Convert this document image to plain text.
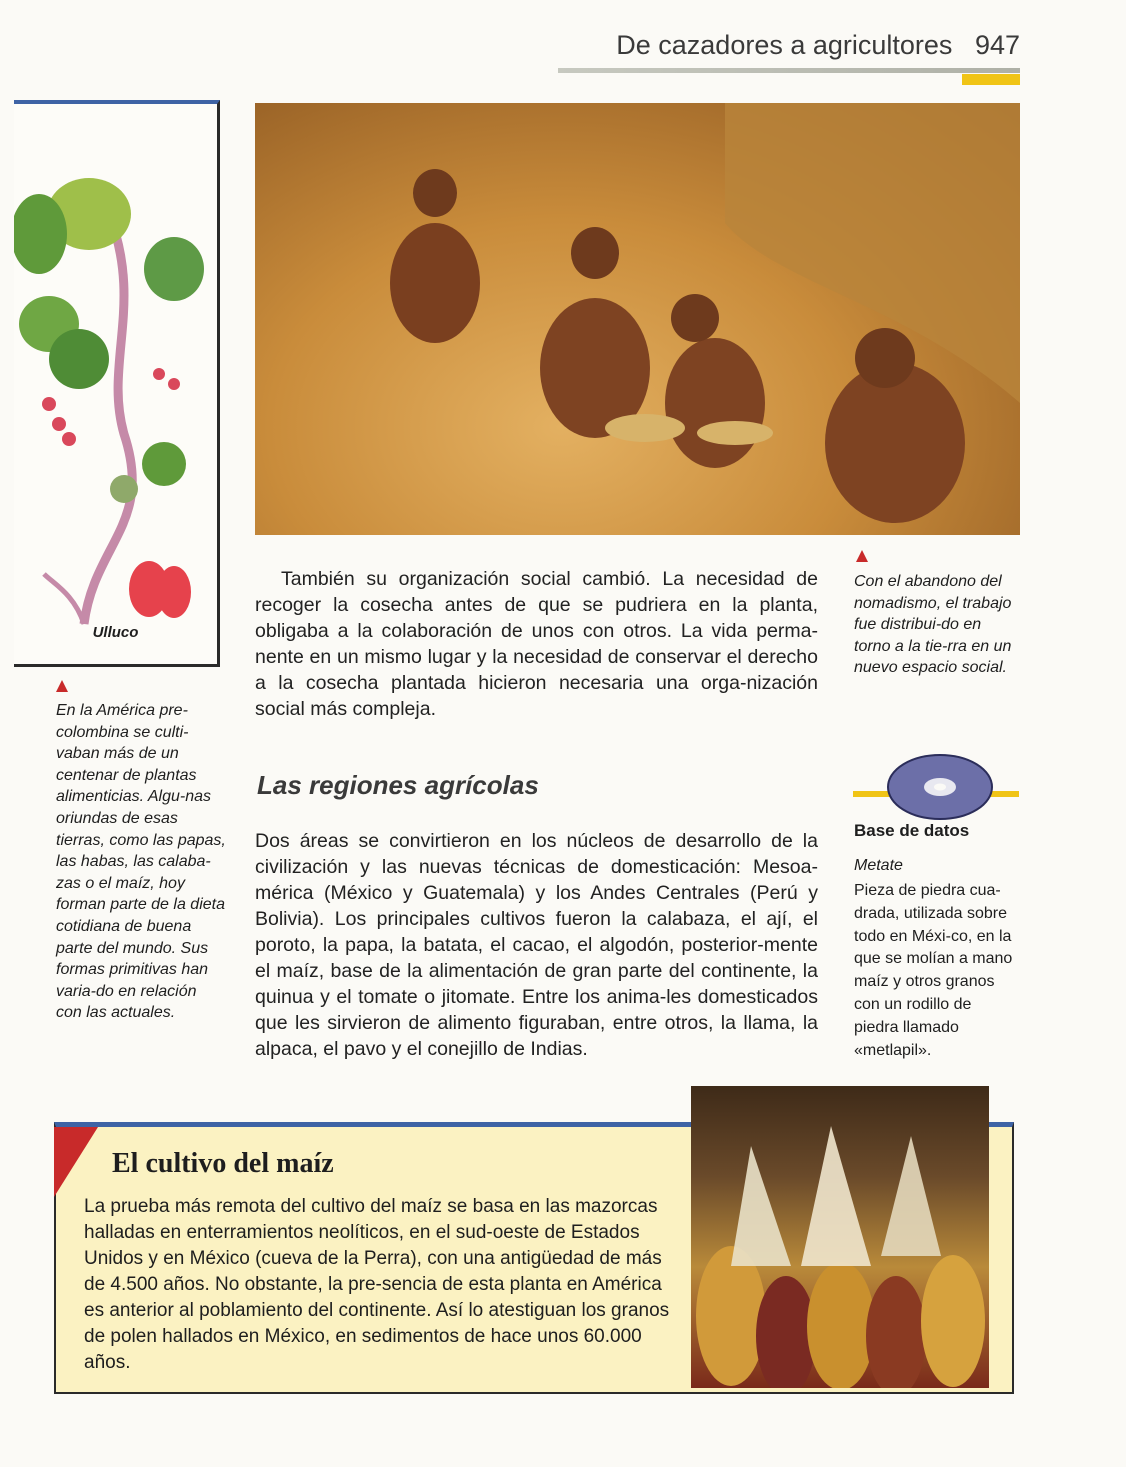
De cazadores a agricultores 947
Ulluco
En la América pre-colombina se culti-vaban más de un centenar de plantas alimenticias. Algu-nas oriundas de esas tierras, como las papas, las habas, las calaba-zas o el maíz, hoy forman parte de la dieta cotidiana de buena parte del mundo. Sus formas primitivas han varia-do en relación con las actuales.
Con el abandono del nomadismo, el trabajo fue distribui-do en torno a la tie-rra en un nuevo espacio social.
También su organización social cambió. La necesidad de recoger la cosecha antes de que se pudriera en la planta, obligaba a la colaboración de unos con otros. La vida perma-nente en un mismo lugar y la necesidad de conservar el derecho a la cosecha plantada hicieron necesaria una orga-nización social más compleja.
Las regiones agrícolas
Dos áreas se convirtieron en los núcleos de desarrollo de la civilización y las nuevas técnicas de domesticación: Mesoa-mérica (México y Guatemala) y los Andes Centrales (Perú y Bolivia). Los principales cultivos fueron la calabaza, el ají, el poroto, la papa, la batata, el cacao, el algodón, posterior-mente el maíz, base de la alimentación de gran parte del continente, la quinua y el tomate o jitomate. Entre los anima-les domesticados que les sirvieron de alimento figuraban, entre otros, la llama, la alpaca, el pavo y el conejillo de Indias.
Base de datos
Metate
Pieza de piedra cua-drada, utilizada sobre todo en Méxi-co, en la que se molían a mano maíz y otros granos con un rodillo de piedra llamado «metlapil».
El cultivo del maíz
La prueba más remota del cultivo del maíz se basa en las mazorcas halladas en enterramientos neolíticos, en el sud-oeste de Estados Unidos y en México (cueva de la Perra), con una antigüedad de más de 4.500 años. No obstante, la pre-sencia de esta planta en América es anterior al poblamiento del continente. Así lo atestiguan los granos de polen hallados en México, en sedimentos de hace unos 60.000 años.
